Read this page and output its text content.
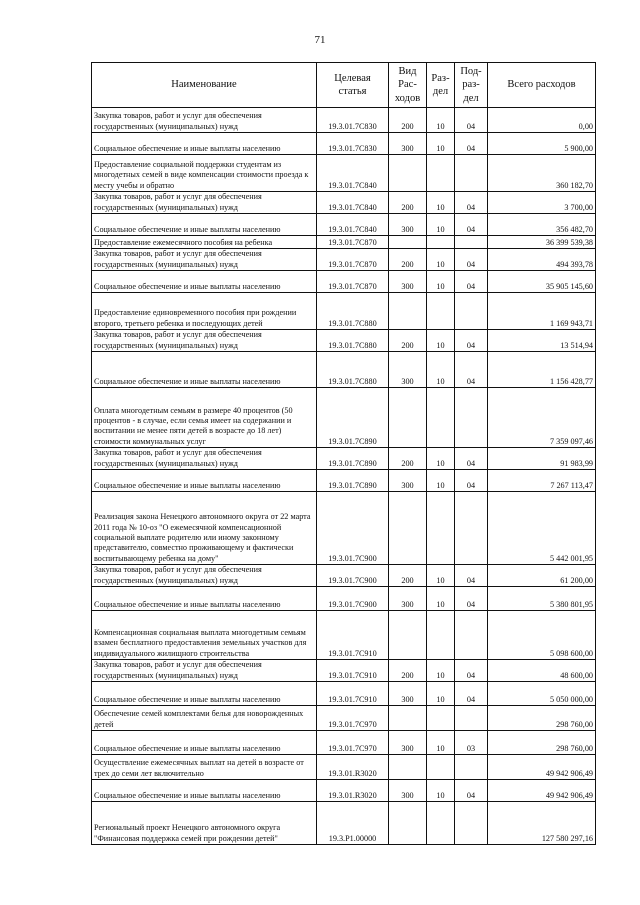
71
Наименование	Целевая статья	Вид Рас- ходов	Раз- дел	Под- раз- дел	Всего расходов
Закупка товаров, работ и услуг для обеспечения государственных (муниципальных) нужд	19.3.01.7С830	200	10	04	0,00
Социальное обеспечение и иные выплаты населению	19.3.01.7С830	300	10	04	5 900,00
Предоставление социальной поддержки студентам из многодетных семей в виде компенсации стоимости проезда к месту учебы и обратно	19.3.01.7С840				360 182,70
Закупка товаров, работ и услуг для обеспечения государственных (муниципальных) нужд	19.3.01.7С840	200	10	04	3 700,00
Социальное обеспечение и иные выплаты населению	19.3.01.7С840	300	10	04	356 482,70
Предоставление ежемесячного пособия на ребенка	19.3.01.7С870				36 399 539,38
Закупка товаров, работ и услуг для обеспечения государственных (муниципальных) нужд	19.3.01.7С870	200	10	04	494 393,78
Социальное обеспечение и иные выплаты населению	19.3.01.7С870	300	10	04	35 905 145,60
Предоставление единовременного пособия при рождении второго, третьего ребенка и последующих детей	19.3.01.7С880				1 169 943,71
Закупка товаров, работ и услуг для обеспечения государственных (муниципальных) нужд	19.3.01.7С880	200	10	04	13 514,94
Социальное обеспечение и иные выплаты населению	19.3.01.7С880	300	10	04	1 156 428,77
Оплата многодетным семьям в размере 40 процентов (50 процентов - в случае, если семья имеет на содержании и воспитании не менее пяти детей в возрасте до 18 лет) стоимости коммунальных услуг	19.3.01.7С890				7 359 097,46
Закупка товаров, работ и услуг для обеспечения государственных (муниципальных) нужд	19.3.01.7С890	200	10	04	91 983,99
Социальное обеспечение и иные выплаты населению	19.3.01.7С890	300	10	04	7 267 113,47
Реализация закона Ненецкого автономного округа от 22 марта 2011 года № 10-оз "О ежемесячной компенсационной социальной выплате родителю или иному законному представителю, совместно проживающему и фактически воспитывающему ребенка на дому"	19.3.01.7С900				5 442 001,95
Закупка товаров, работ и услуг для обеспечения государственных (муниципальных) нужд	19.3.01.7С900	200	10	04	61 200,00
Социальное обеспечение и иные выплаты населению	19.3.01.7С900	300	10	04	5 380 801,95
Компенсационная социальная выплата многодетным семьям взамен бесплатного предоставления земельных участков для индивидуального жилищного строительства	19.3.01.7С910				5 098 600,00
Закупка товаров, работ и услуг для обеспечения государственных (муниципальных) нужд	19.3.01.7С910	200	10	04	48 600,00
Социальное обеспечение и иные выплаты населению	19.3.01.7С910	300	10	04	5 050 000,00
Обеспечение семей комплектами белья для новорожденных детей	19.3.01.7С970				298 760,00
Социальное обеспечение и иные выплаты населению	19.3.01.7С970	300	10	03	298 760,00
Осуществление ежемесячных выплат на детей в возрасте от трех до семи лет включительно	19.3.01.R3020				49 942 906,49
Социальное обеспечение и иные выплаты населению	19.3.01.R3020	300	10	04	49 942 906,49
Региональный проект Ненецкого автономного округа "Финансовая поддержка семей при рождении детей"	19.3.P1.00000				127 580 297,16
